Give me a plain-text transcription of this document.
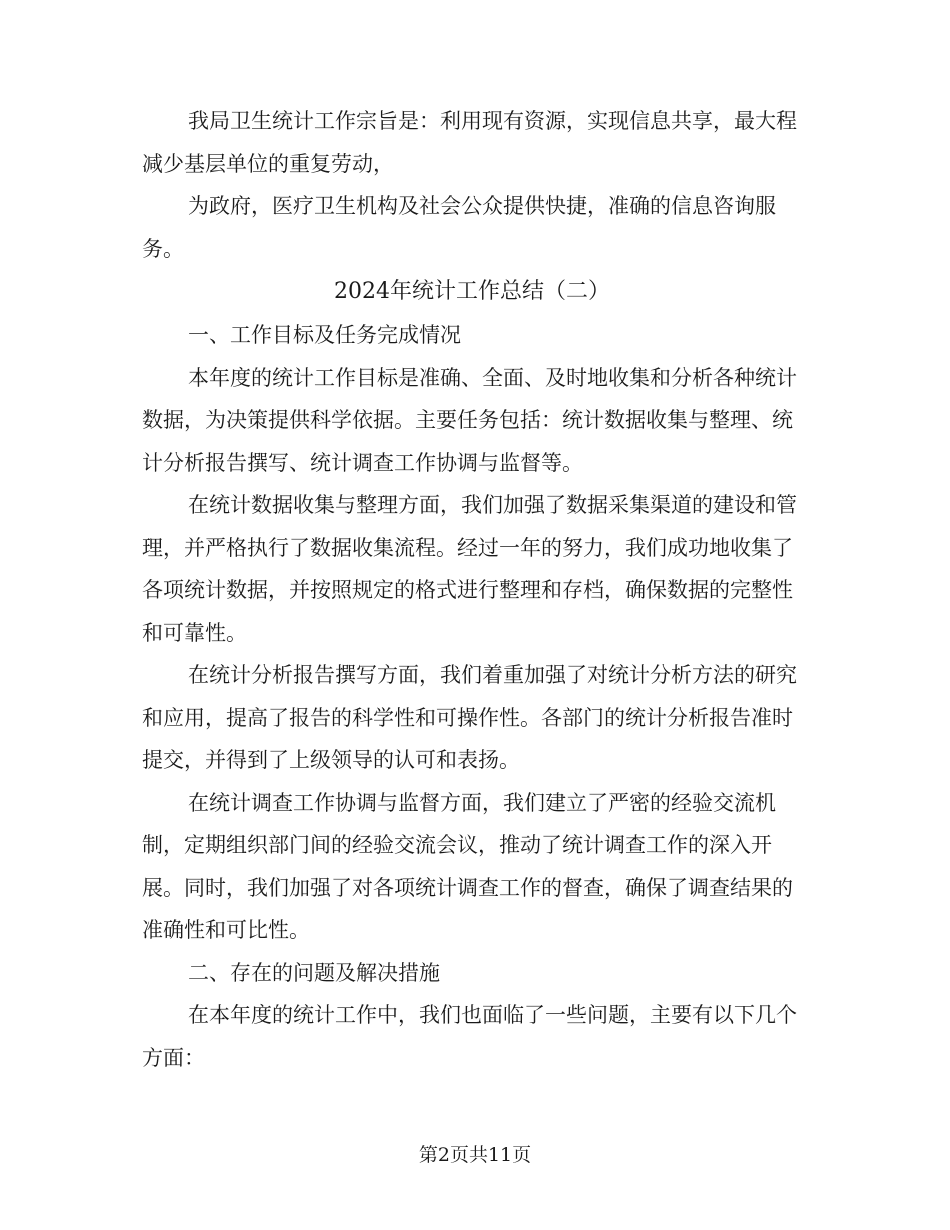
我局卫生统计工作宗旨是：利用现有资源，实现信息共享，最大程减少基层单位的重复劳动，

为政府，医疗卫生机构及社会公众提供快捷，准确的信息咨询服务。

2024年统计工作总结（二）

一、工作目标及任务完成情况

本年度的统计工作目标是准确、全面、及时地收集和分析各种统计数据，为决策提供科学依据。主要任务包括：统计数据收集与整理、统计分析报告撰写、统计调查工作协调与监督等。

在统计数据收集与整理方面，我们加强了数据采集渠道的建设和管理，并严格执行了数据收集流程。经过一年的努力，我们成功地收集了各项统计数据，并按照规定的格式进行整理和存档，确保数据的完整性和可靠性。

在统计分析报告撰写方面，我们着重加强了对统计分析方法的研究和应用，提高了报告的科学性和可操作性。各部门的统计分析报告准时提交，并得到了上级领导的认可和表扬。

在统计调查工作协调与监督方面，我们建立了严密的经验交流机制，定期组织部门间的经验交流会议，推动了统计调查工作的深入开展。同时，我们加强了对各项统计调查工作的督查，确保了调查结果的准确性和可比性。

二、存在的问题及解决措施

在本年度的统计工作中，我们也面临了一些问题，主要有以下几个方面：

第2页共11页
